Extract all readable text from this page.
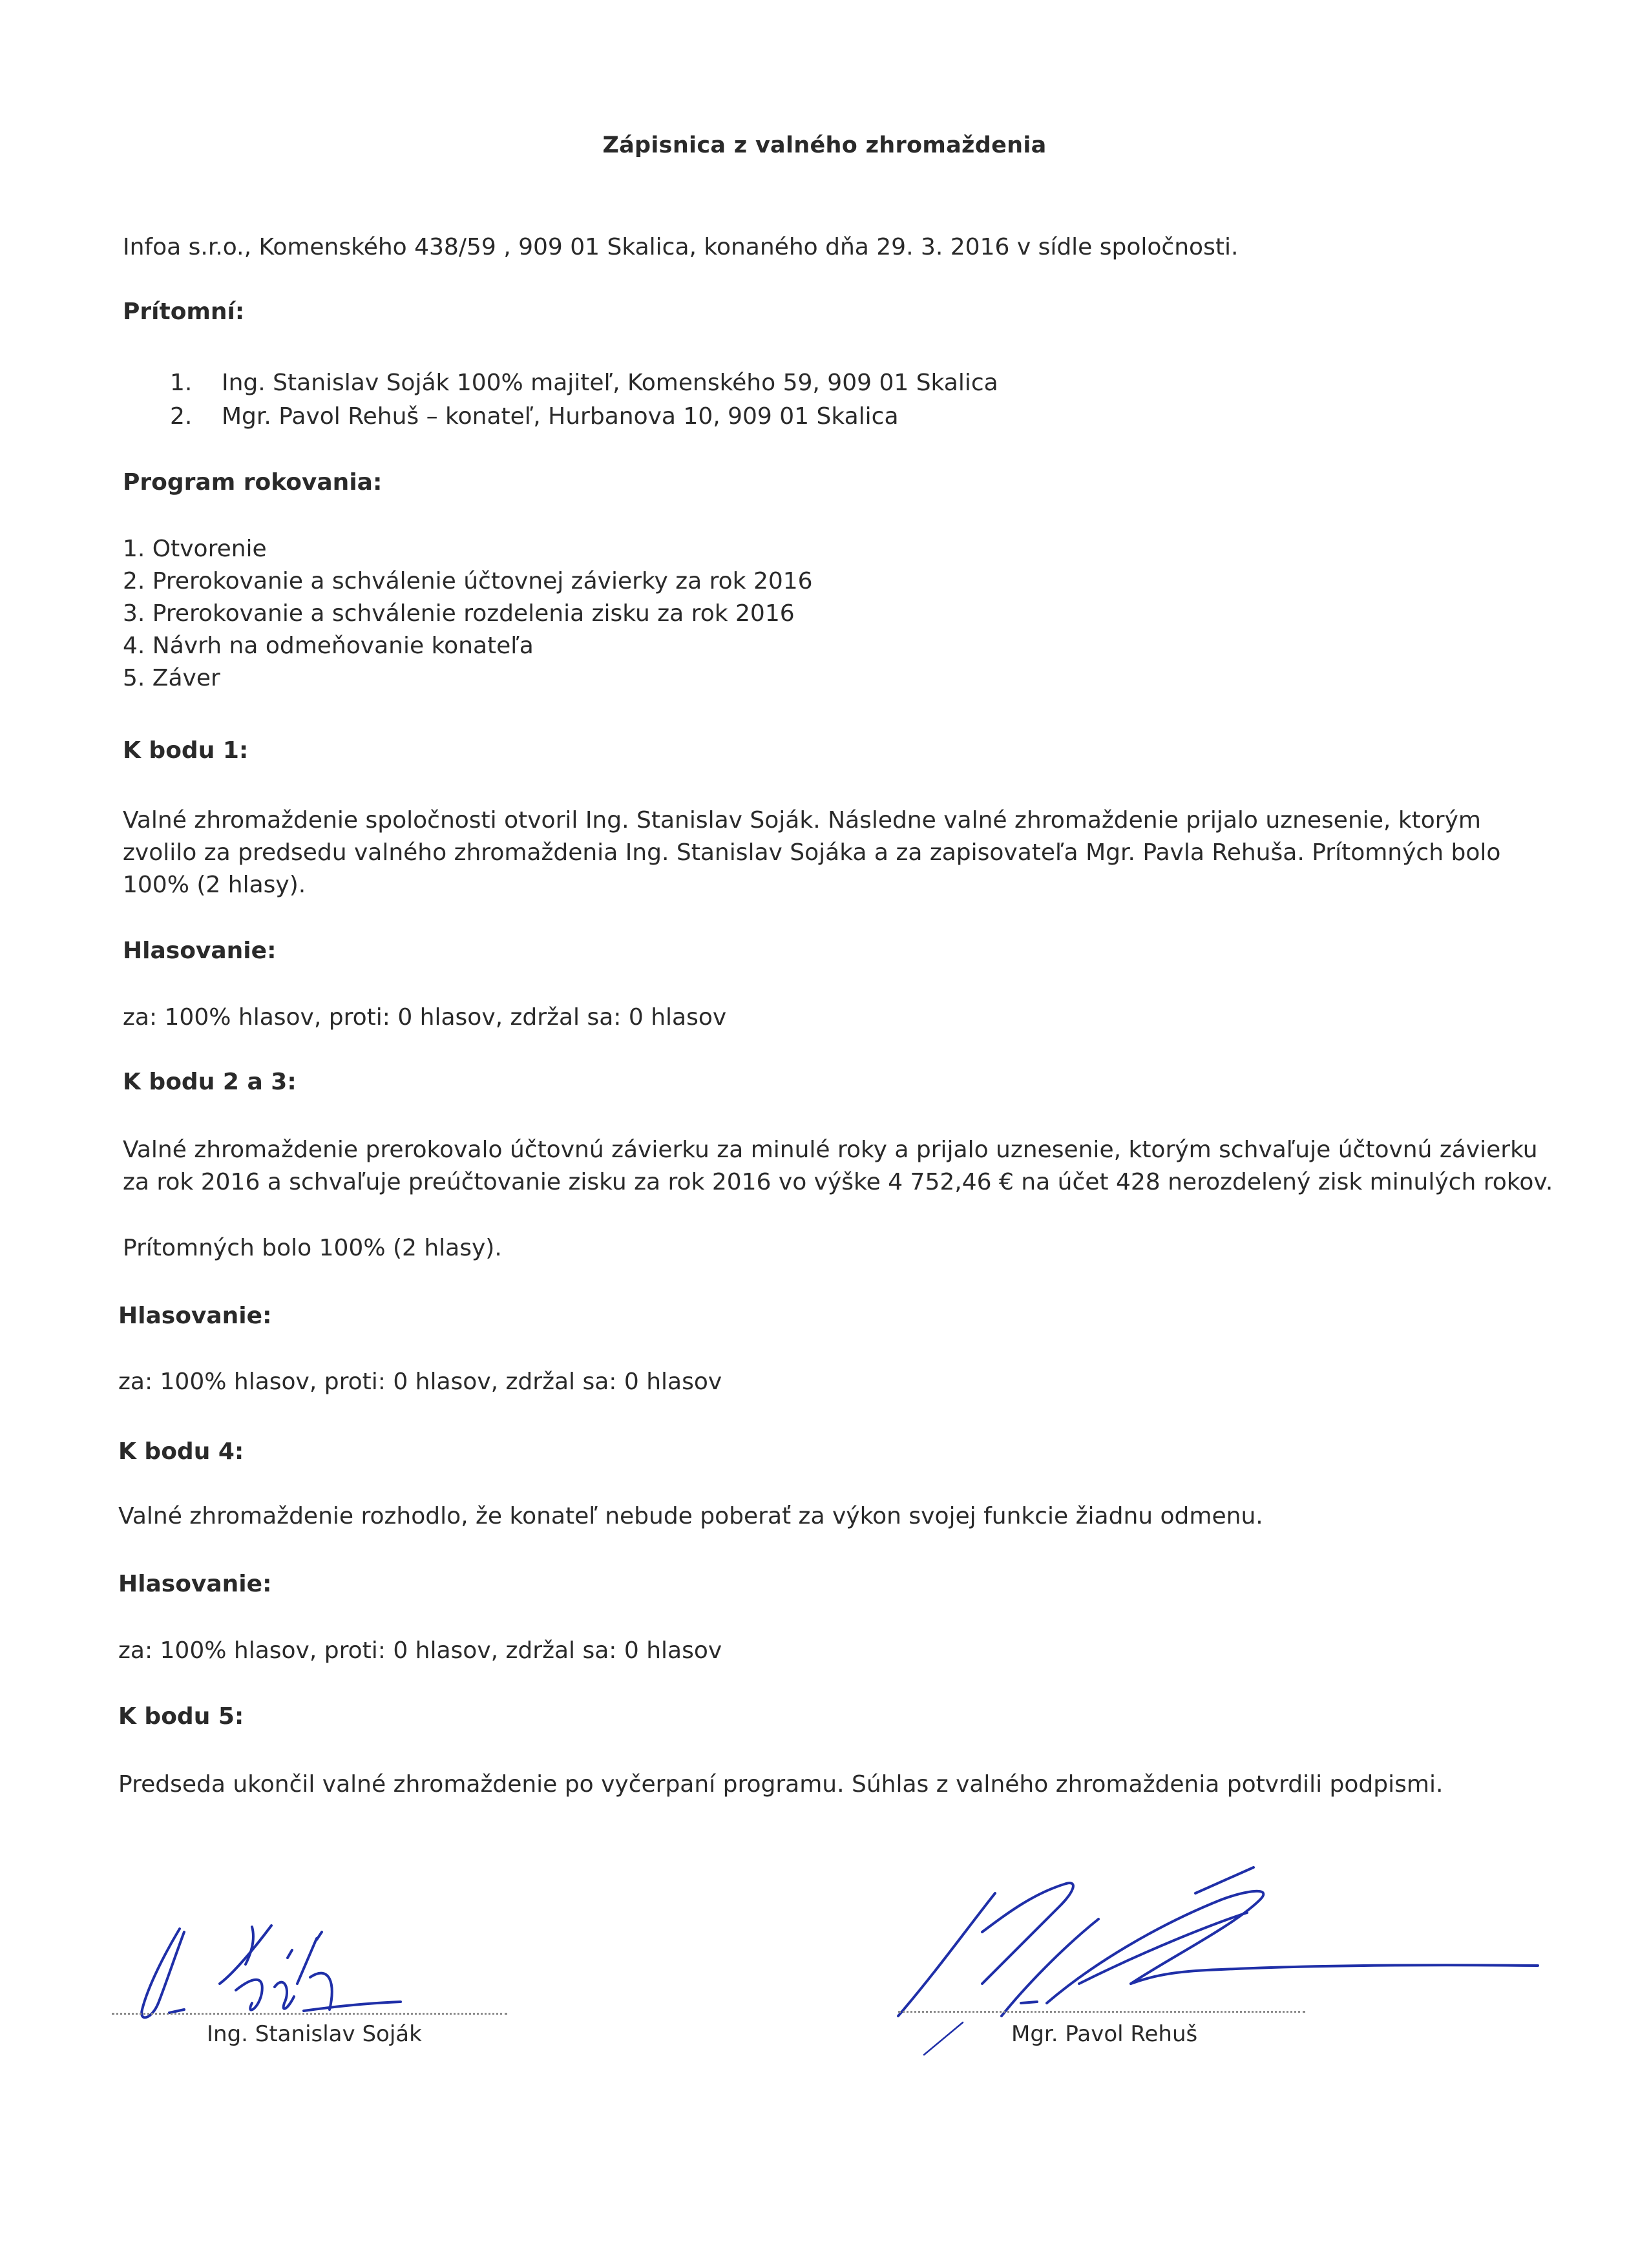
Zápisnica z valného zhromaždenia
Infoa s.r.o., Komenského 438/59 , 909 01 Skalica, konaného dňa 29. 3. 2016 v sídle spoločnosti.
Prítomní:
1. Ing. Stanislav Soják 100% majiteľ, Komenského 59, 909 01 Skalica
2. Mgr. Pavol Rehuš – konateľ, Hurbanova 10, 909 01 Skalica
Program rokovania:
1. Otvorenie
2. Prerokovanie a schválenie účtovnej závierky za rok 2016
3. Prerokovanie a schválenie rozdelenia zisku za rok 2016
4. Návrh na odmeňovanie konateľa
5. Záver
K bodu 1:
Valné zhromaždenie spoločnosti otvoril Ing. Stanislav Soják. Následne valné zhromaždenie prijalo uznesenie, ktorým
zvolilo za predsedu valného zhromaždenia Ing. Stanislav Sojáka a za zapisovateľa Mgr. Pavla Rehuša. Prítomných bolo
100% (2 hlasy).
Hlasovanie:
za: 100% hlasov, proti: 0 hlasov, zdržal sa: 0 hlasov
K bodu 2 a 3:
Valné zhromaždenie prerokovalo účtovnú závierku za minulé roky a prijalo uznesenie, ktorým schvaľuje účtovnú závierku
za rok 2016 a schvaľuje preúčtovanie zisku za rok 2016 vo výške 4 752,46 € na účet 428 nerozdelený zisk minulých rokov.
Prítomných bolo 100% (2 hlasy).
Hlasovanie:
za: 100% hlasov, proti: 0 hlasov, zdržal sa: 0 hlasov
K bodu 4:
Valné zhromaždenie rozhodlo, že konateľ nebude poberať za výkon svojej funkcie žiadnu odmenu.
Hlasovanie:
za: 100% hlasov, proti: 0 hlasov, zdržal sa: 0 hlasov
K bodu 5:
Predseda ukončil valné zhromaždenie po vyčerpaní programu. Súhlas z valného zhromaždenia potvrdili podpismi.
Ing. Stanislav Soják	Mgr. Pavol Rehuš
